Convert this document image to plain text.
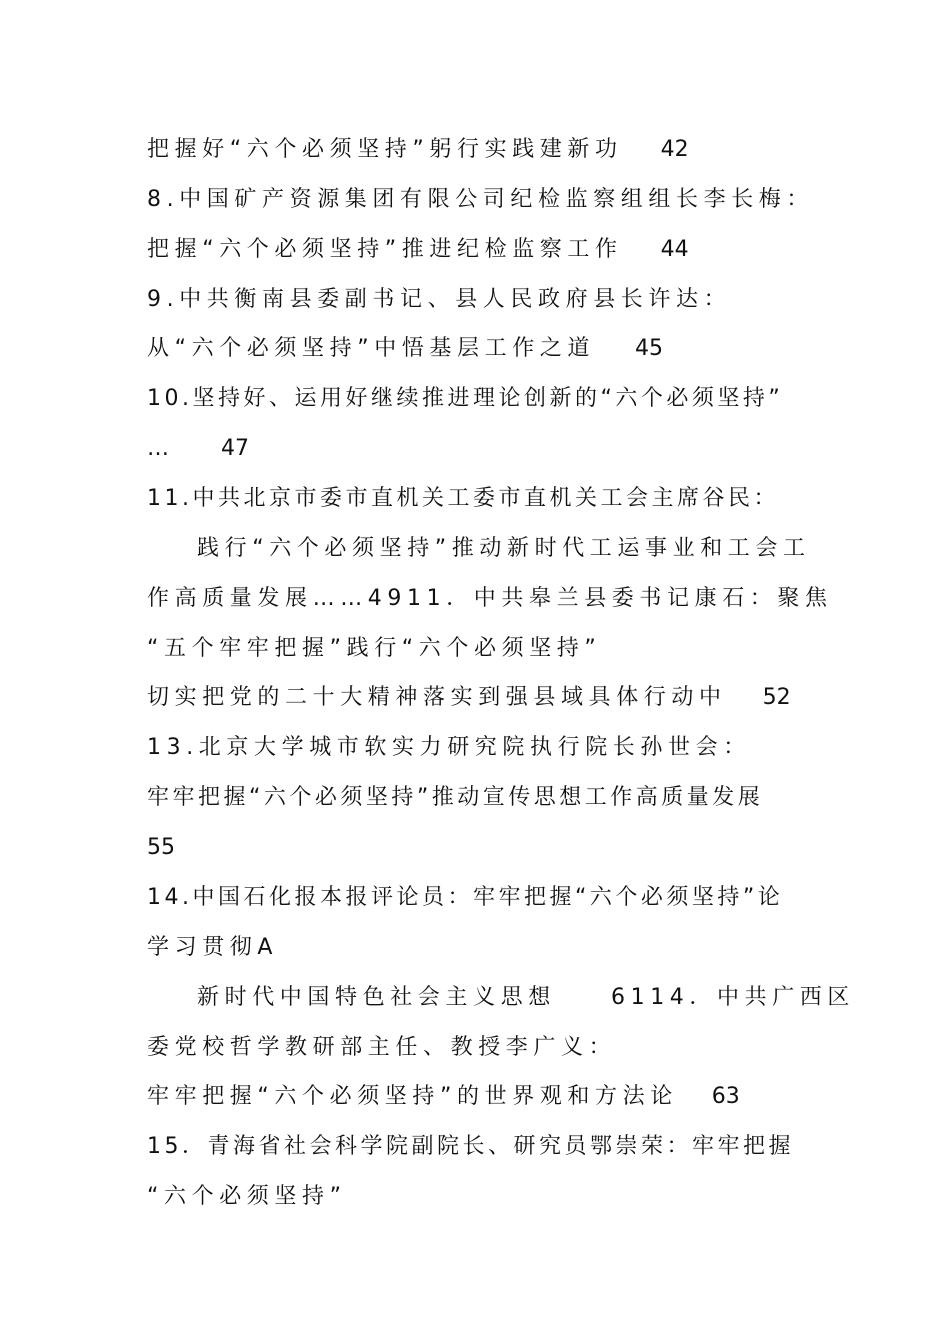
把握好“六个必须坚持”躬行实践建新功 42
8.中国矿产资源集团有限公司纪检监察组组长李长梅：
把握“六个必须坚持”推进纪检监察工作 44
9.中共衡南县委副书记、县人民政府县长许达：
从“六个必须坚持”中悟基层工作之道 45
10.坚持好、运用好继续推进理论创新的“六个必须坚持”
… 47
11.中共北京市委市直机关工委市直机关工会主席谷民：
践行“六个必须坚持”推动新时代工运事业和工会工
作高质量发展……4911．中共皋兰县委书记康石：聚焦
“五个牢牢把握”践行“六个必须坚持”
切实把党的二十大精神落实到强县域具体行动中 52
13.北京大学城市软实力研究院执行院长孙世会：
牢牢把握“六个必须坚持”推动宣传思想工作高质量发展
55
14.中国石化报本报评论员：牢牢把握“六个必须坚持”论
学习贯彻A
新时代中国特色社会主义思想　　6114．中共广西区
委党校哲学教研部主任、教授李广义：
牢牢把握“六个必须坚持”的世界观和方法论 63
15．青海省社会科学院副院长、研究员鄂崇荣：牢牢把握
“六个必须坚持”
